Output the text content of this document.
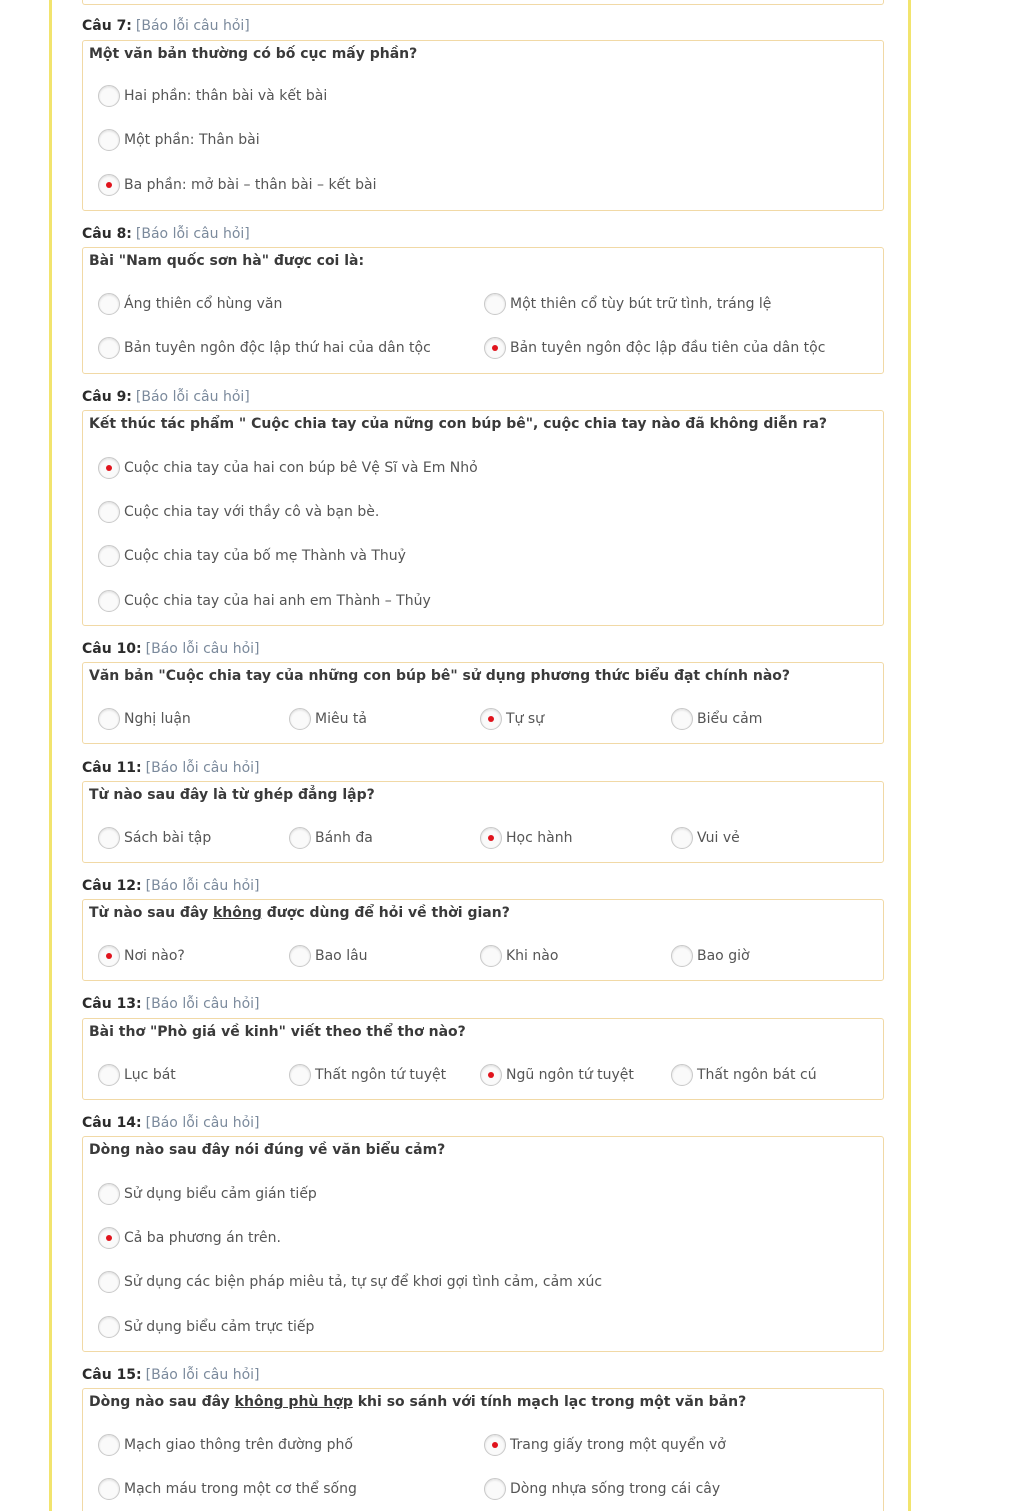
Câu 7: [Báo lỗi câu hỏi]
Một văn bản thường có bố cục mấy phần?
Hai phần: thân bài và kết bài
Một phần: Thân bài
Ba phần: mở bài – thân bài – kết bài
Câu 8: [Báo lỗi câu hỏi]
Bài "Nam quốc sơn hà" được coi là:
Áng thiên cổ hùng văn	Một thiên cổ tùy bút trữ tình, tráng lệ
Bản tuyên ngôn độc lập thứ hai của dân tộc	Bản tuyên ngôn độc lập đầu tiên của dân tộc
Câu 9: [Báo lỗi câu hỏi]
Kết thúc tác phẩm " Cuộc chia tay của nững con búp bê", cuộc chia tay nào đã không diễn ra?
Cuộc chia tay của hai con búp bê Vệ Sĩ và Em Nhỏ
Cuộc chia tay với thầy cô và bạn bè.
Cuộc chia tay của bố mẹ Thành và Thuỷ
Cuộc chia tay của hai anh em Thành – Thủy
Câu 10: [Báo lỗi câu hỏi]
Văn bản "Cuộc chia tay của những con búp bê" sử dụng phương thức biểu đạt chính nào?
Nghị luận	Miêu tả	Tự sự	Biểu cảm
Câu 11: [Báo lỗi câu hỏi]
Từ nào sau đây là từ ghép đẳng lập?
Sách bài tập	Bánh đa	Học hành	Vui vẻ
Câu 12: [Báo lỗi câu hỏi]
Từ nào sau đây không được dùng để hỏi về thời gian?
Nơi nào?	Bao lâu	Khi nào	Bao giờ
Câu 13: [Báo lỗi câu hỏi]
Bài thơ "Phò giá về kinh" viết theo thể thơ nào?
Lục bát	Thất ngôn tứ tuyệt	Ngũ ngôn tứ tuyệt	Thất ngôn bát cú
Câu 14: [Báo lỗi câu hỏi]
Dòng nào sau đây nói đúng về văn biểu cảm?
Sử dụng biểu cảm gián tiếp
Cả ba phương án trên.
Sử dụng các biện pháp miêu tả, tự sự để khơi gợi tình cảm, cảm xúc
Sử dụng biểu cảm trực tiếp
Câu 15: [Báo lỗi câu hỏi]
Dòng nào sau đây không phù hợp khi so sánh với tính mạch lạc trong một văn bản?
Mạch giao thông trên đường phố	Trang giấy trong một quyển vở
Mạch máu trong một cơ thể sống	Dòng nhựa sống trong cái cây
